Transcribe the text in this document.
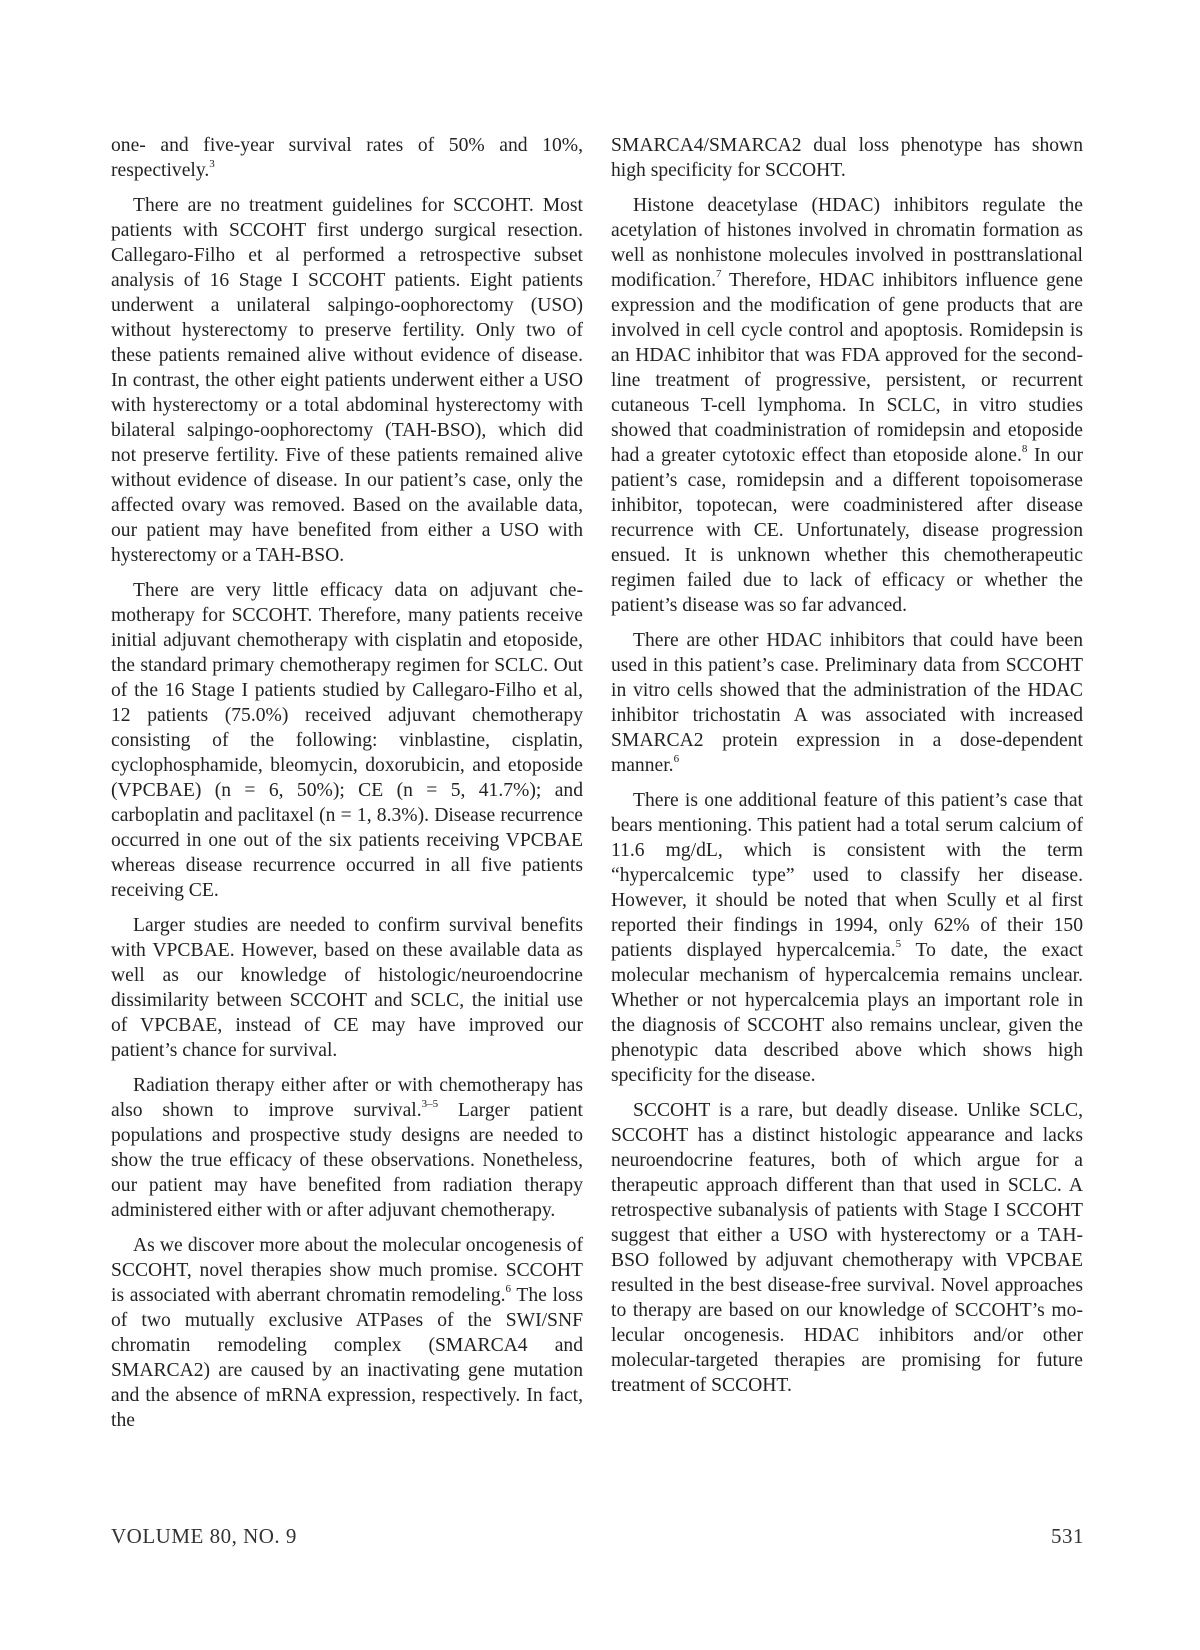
one- and five-year survival rates of 50% and 10%, respectively.$^3$

There are no treatment guidelines for SCCOHT. Most patients with SCCOHT first undergo surgical resection. Callegaro-Filho et al performed a retrospective subset analysis of 16 Stage I SCCOHT patients. Eight patients underwent a unilateral salpingo-oophorectomy (USO) without hysterectomy to preserve fertility. Only two of these patients remained alive without evidence of disease. In contrast, the other eight patients underwent either a USO with hysterectomy or a total abdominal hysterectomy with bilateral salpingo-oophorectomy (TAH-BSO), which did not preserve fertility. Five of these patients remained alive without evidence of disease. In our patient’s case, only the affected ovary was removed. Based on the available data, our patient may have benefited from either a USO with hysterectomy or a TAH-BSO.

There are very little efficacy data on adjuvant chemotherapy for SCCOHT. Therefore, many patients receive initial adjuvant chemotherapy with cisplatin and etoposide, the standard primary chemotherapy regimen for SCLC. Out of the 16 Stage I patients studied by Callegaro-Filho et al, 12 patients (75.0%) received adjuvant chemotherapy consisting of the following: vinblastine, cisplatin, cyclophosphamide, bleomycin, doxorubicin, and etoposide (VPCBAE) (n = 6, 50%); CE (n = 5, 41.7%); and carboplatin and paclitaxel (n = 1, 8.3%). Disease recurrence occurred in one out of the six patients receiving VPCBAE whereas disease recurrence occurred in all five patients receiving CE.

Larger studies are needed to confirm survival benefits with VPCBAE. However, based on these available data as well as our knowledge of histologic/neuroendocrine dissimilarity between SCCOHT and SCLC, the initial use of VPCBAE, instead of CE may have improved our patient’s chance for survival.

Radiation therapy either after or with chemotherapy has also shown to improve survival.$^{3-5}$ Larger patient populations and prospective study designs are needed to show the true efficacy of these observations. Nonetheless, our patient may have benefited from radiation therapy administered either with or after adjuvant chemotherapy.

As we discover more about the molecular oncogenesis of SCCOHT, novel therapies show much promise. SCCOHT is associated with aberrant chromatin remodeling.$^6$ The loss of two mutually exclusive ATPases of the SWI/SNF chromatin remodeling complex (SMARCA4 and SMARCA2) are caused by an inactivating gene mutation and the absence of mRNA expression, respectively. In fact, the

SMARCA4/SMARCA2 dual loss phenotype has shown high specificity for SCCOHT.

Histone deacetylase (HDAC) inhibitors regulate the acetylation of histones involved in chromatin formation as well as nonhistone molecules involved in posttranslational modification.$^7$ Therefore, HDAC inhibitors influence gene expression and the modification of gene products that are involved in cell cycle control and apoptosis. Romidepsin is an HDAC inhibitor that was FDA approved for the second-line treatment of progressive, persistent, or recurrent cutaneous T-cell lymphoma. In SCLC, in vitro studies showed that coadministration of romidepsin and etoposide had a greater cytotoxic effect than etoposide alone.$^8$ In our patient’s case, romidepsin and a different topoisomerase inhibitor, topotecan, were coadministered after disease recurrence with CE. Unfortunately, disease progression ensued. It is unknown whether this chemotherapeutic regimen failed due to lack of efficacy or whether the patient’s disease was so far advanced.

There are other HDAC inhibitors that could have been used in this patient’s case. Preliminary data from SCCOHT in vitro cells showed that the administration of the HDAC inhibitor trichostatin A was associated with increased SMARCA2 protein expression in a dose-dependent manner.$^6$

There is one additional feature of this patient’s case that bears mentioning. This patient had a total serum calcium of 11.6 mg/dL, which is consistent with the term “hypercalcemic type” used to classify her disease. However, it should be noted that when Scully et al first reported their findings in 1994, only 62% of their 150 patients displayed hypercalcemia.$^5$ To date, the exact molecular mechanism of hypercalcemia remains unclear. Whether or not hypercalcemia plays an important role in the diagnosis of SCCOHT also remains unclear, given the phenotypic data described above which shows high specificity for the disease.

SCCOHT is a rare, but deadly disease. Unlike SCLC, SCCOHT has a distinct histologic appearance and lacks neuroendocrine features, both of which argue for a therapeutic approach different than that used in SCLC. A retrospective subanalysis of patients with Stage I SCCOHT suggest that either a USO with hysterectomy or a TAH-BSO followed by adjuvant chemotherapy with VPCBAE resulted in the best disease-free survival. Novel approaches to therapy are based on our knowledge of SCCOHT’s molecular oncogenesis. HDAC inhibitors and/or other molecular-targeted therapies are promising for future treatment of SCCOHT.

VOLUME 80, NO. 9	531
